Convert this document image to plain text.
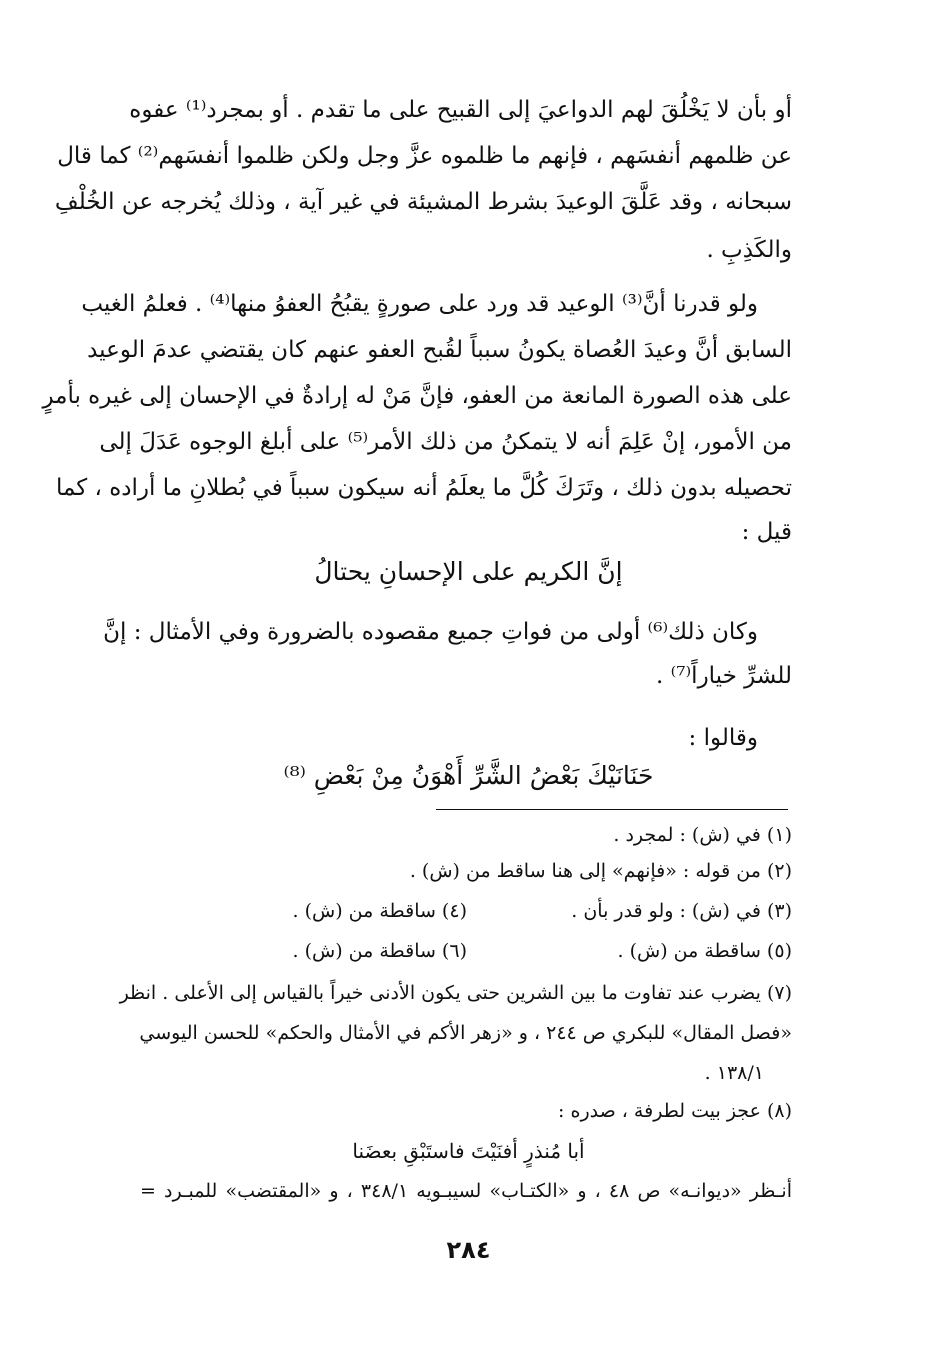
أو بأن لا يَخْلُقَ لهم الدواعيَ إلى القبيح على ما تقدم . أو بمجرد⁽¹⁾ عفوه
عن ظلمهم أنفسَهم ، فإنهم ما ظلموه عزَّ وجل ولكن ظلموا أنفسَهم⁽²⁾ كما قال
سبحانه ، وقد عَلَّقَ الوعيدَ بشرط المشيئة في غير آية ، وذلك يُخرجه عن الخُلْفِ
والكَذِبِ .
ولو قدرنا أنَّ⁽³⁾ الوعيد قد ورد على صورةٍ يقبُحُ العفوُ منها⁽⁴⁾ . فعلمُ الغيب
السابق أنَّ وعيدَ العُصاة يكونُ سبباً لقُبح العفو عنهم كان يقتضي عدمَ الوعيد
على هذه الصورة المانعة من العفو، فإنَّ مَنْ له إرادةٌ في الإحسان إلى غيره بأمرٍ
من الأمور، إنْ عَلِمَ أنه لا يتمكنُ من ذلك الأمر⁽⁵⁾ على أبلغ الوجوه عَدَلَ إلى
تحصيله بدون ذلك ، وتَرَكَ كُلَّ ما يعلَمُ أنه سيكون سبباً في بُطلانِ ما أراده ، كما
قيل :
إنَّ الكريم على الإحسانِ يحتالُ
وكان ذلك⁽⁶⁾ أولى من فواتِ جميع مقصوده بالضرورة وفي الأمثال : إنَّ
للشرِّ خياراً⁽⁷⁾ .
وقالوا :
حَنَانَيْكَ بَعْضُ الشَّرِّ أَهْوَنُ مِنْ بَعْضِ ⁽⁸⁾
(١) في (ش) : لمجرد .
(٢) من قوله : «فإنهم» إلى هنا ساقط من (ش) .
(٣) في (ش) : ولو قدر بأن .
(٤) ساقطة من (ش) .
(٥) ساقطة من (ش) .
(٦) ساقطة من (ش) .
(٧) يضرب عند تفاوت ما بين الشرين حتى يكون الأدنى خيراً بالقياس إلى الأعلى . انظر
«فصل المقال» للبكري ص ٢٤٤ ، و «زهر الأكم في الأمثال والحكم» للحسن اليوسي
١٣٨/١ .
(٨) عجز بيت لطرفة ، صدره :
أبا مُنذرٍ أفنَيْتَ فاستَبْقِ بعضَنا
أنـظر «ديوانـه» ص ٤٨ ، و «الكتـاب» لسيبـويه ٣٤٨/١ ، و «المقتضب» للمبـرد =
٢٨٤
